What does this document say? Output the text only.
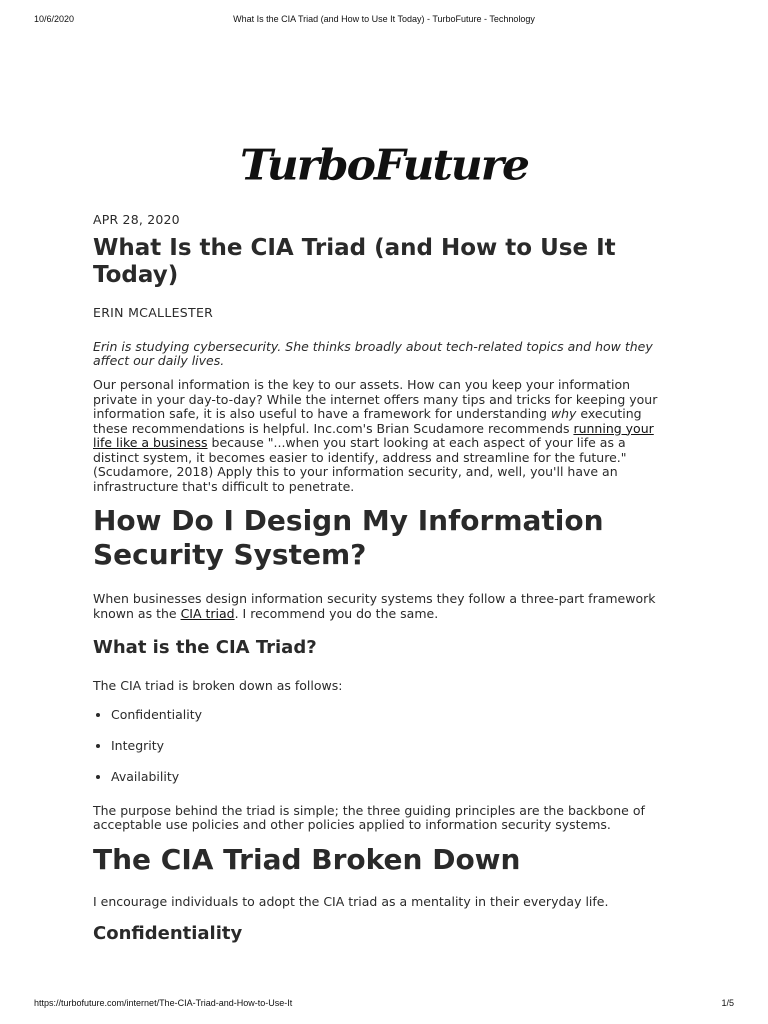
10/6/2020	What Is the CIA Triad (and How to Use It Today) - TurboFuture - Technology
TurboFuture
APR 28, 2020
What Is the CIA Triad (and How to Use It Today)
ERIN MCALLESTER

Erin is studying cybersecurity. She thinks broadly about tech-related topics and how they affect our daily lives.

Our personal information is the key to our assets. How can you keep your information private in your day-to-day? While the internet offers many tips and tricks for keeping your information safe, it is also useful to have a framework for understanding why executing these recommendations is helpful. Inc.com's Brian Scudamore recommends running your life like a business because "...when you start looking at each aspect of your life as a distinct system, it becomes easier to identify, address and streamline for the future." (Scudamore, 2018) Apply this to your information security, and, well, you'll have an infrastructure that's difficult to penetrate.

How Do I Design My Information Security System?

When businesses design information security systems they follow a three-part framework known as the CIA triad. I recommend you do the same.

What is the CIA Triad?

The CIA triad is broken down as follows:

• Confidentiality
• Integrity
• Availability

The purpose behind the triad is simple; the three guiding principles are the backbone of acceptable use policies and other policies applied to information security systems.

The CIA Triad Broken Down

I encourage individuals to adopt the CIA triad as a mentality in their everyday life.

Confidentiality
https://turbofuture.com/internet/The-CIA-Triad-and-How-to-Use-It	1/5
